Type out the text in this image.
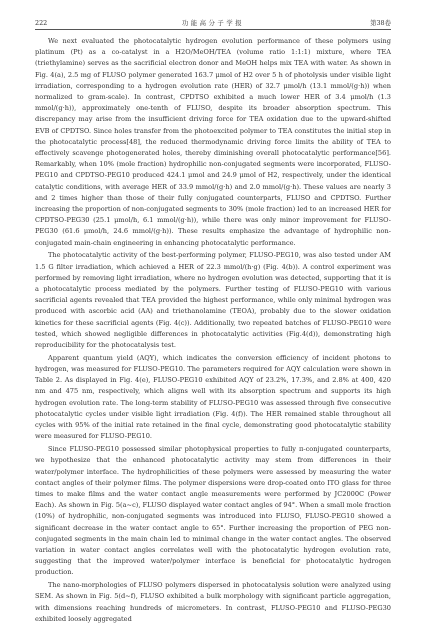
222	功能高分子学报	第38卷

We next evaluated the photocatalytic hydrogen evolution performance of these polymers using platinum (Pt) as a co-catalyst in a H2O/MeOH/TEA (volume ratio 1:1:1) mixture, where TEA (triethylamine) serves as the sacrificial electron donor and MeOH helps mix TEA with water. As shown in Fig. 4(a), 2.5 mg of FLUSO polymer generated 163.7 μmol of H2 over 5 h of photolysis under visible light irradiation, corresponding to a hydrogen evolution rate (HER) of 32.7 μmol/h (13.1 mmol/(g·h)) when normalized to gram-scale). In contrast, CPDTSO exhibited a much lower HER of 3.4 μmol/h (1.3 mmol/(g·h)), approximately one-tenth of FLUSO, despite its broader absorption spectrum. This discrepancy may arise from the insufficient driving force for TEA oxidation due to the upward-shifted EVB of CPDTSO. Since holes transfer from the photoexcited polymer to TEA constitutes the initial step in the photocatalytic process[48], the reduced thermodynamic driving force limits the ability of TEA to effectively scavenge photogenerated holes, thereby diminishing overall photocatalytic performance[56]. Remarkably, when 10% (mole fraction) hydrophilic non-conjugated segments were incorporated, FLUSO-PEG10 and CPDTSO-PEG10 produced 424.1 μmol and 24.9 μmol of H2, respectively, under the identical catalytic conditions, with average HER of 33.9 mmol/(g·h) and 2.0 mmol/(g·h). These values are nearly 3 and 2 times higher than those of their fully conjugated counterparts, FLUSO and CPDTSO. Further increasing the proportion of non-conjugated segments to 30% (mole fraction) led to an increased HER for CPDTSO-PEG30 (25.1 μmol/h, 6.1 mmol/(g·h)), while there was only minor improvement for FLUSO-PEG30 (61.6 μmol/h, 24.6 mmol/(g·h)). These results emphasize the advantage of hydrophilic non-conjugated main-chain engineering in enhancing photocatalytic performance.

The photocatalytic activity of the best-performing polymer, FLUSO-PEG10, was also tested under AM 1.5 G filter irradiation, which achieved a HER of 22.3 mmol/(h·g) (Fig. 4(b)). A control experiment was performed by removing light irradiation, where no hydrogen evolution was detected, supporting that it is a photocatalytic process mediated by the polymers. Further testing of FLUSO-PEG10 with various sacrificial agents revealed that TEA provided the highest performance, while only minimal hydrogen was produced with ascorbic acid (AA) and triethanolamine (TEOA), probably due to the slower oxidation kinetics for these sacrificial agents (Fig. 4(c)). Additionally, two repeated batches of FLUSO-PEG10 were tested, which showed negligible differences in photocatalytic activities (Fig.4(d)), demonstrating high reproducibility for the photocatalysis test.

Apparent quantum yield (AQY), which indicates the conversion efficiency of incident photons to hydrogen, was measured for FLUSO-PEG10. The parameters required for AQY calculation were shown in Table 2. As displayed in Fig. 4(e), FLUSO-PEG10 exhibited AQY of 23.2%, 17.3%, and 2.8% at 400, 420 nm and 475 nm, respectively, which aligns well with its absorption spectrum and supports its high hydrogen evolution rate. The long-term stability of FLUSO-PEG10 was assessed through five consecutive photocatalytic cycles under visible light irradiation (Fig. 4(f)). The HER remained stable throughout all cycles with 95% of the initial rate retained in the final cycle, demonstrating good photocatalytic stability were measured for FLUSO-PEG10.

Since FLUSO-PEG10 possessed similar photophysical properties to fully π-conjugated counterparts, we hypothesize that the enhanced photocatalytic activity may stem from differences in their water/polymer interface. The hydrophilicities of these polymers were assessed by measuring the water contact angles of their polymer films. The polymer dispersions were drop-coated onto ITO glass for three times to make films and the water contact angle measurements were performed by JC2000C (Power Each). As shown in Fig. 5(a~c), FLUSO displayed water contact angles of 94°. When a small mole fraction (10%) of hydrophilic, non-conjugated segments was introduced into FLUSO, FLUSO-PEG10 showed a significant decrease in the water contact angle to 65°. Further increasing the proportion of PEG non-conjugated segments in the main chain led to minimal change in the water contact angles. The observed variation in water contact angles correlates well with the photocatalytic hydrogen evolution rate, suggesting that the improved water/polymer interface is beneficial for photocatalytic hydrogen production.

The nano-morphologies of FLUSO polymers dispersed in photocatalysis solution were analyzed using SEM. As shown in Fig. 5(d~f), FLUSO exhibited a bulk morphology with significant particle aggregation, with dimensions reaching hundreds of micrometers. In contrast, FLUSO-PEG10 and FLUSO-PEG30 exhibited loosely aggregated
